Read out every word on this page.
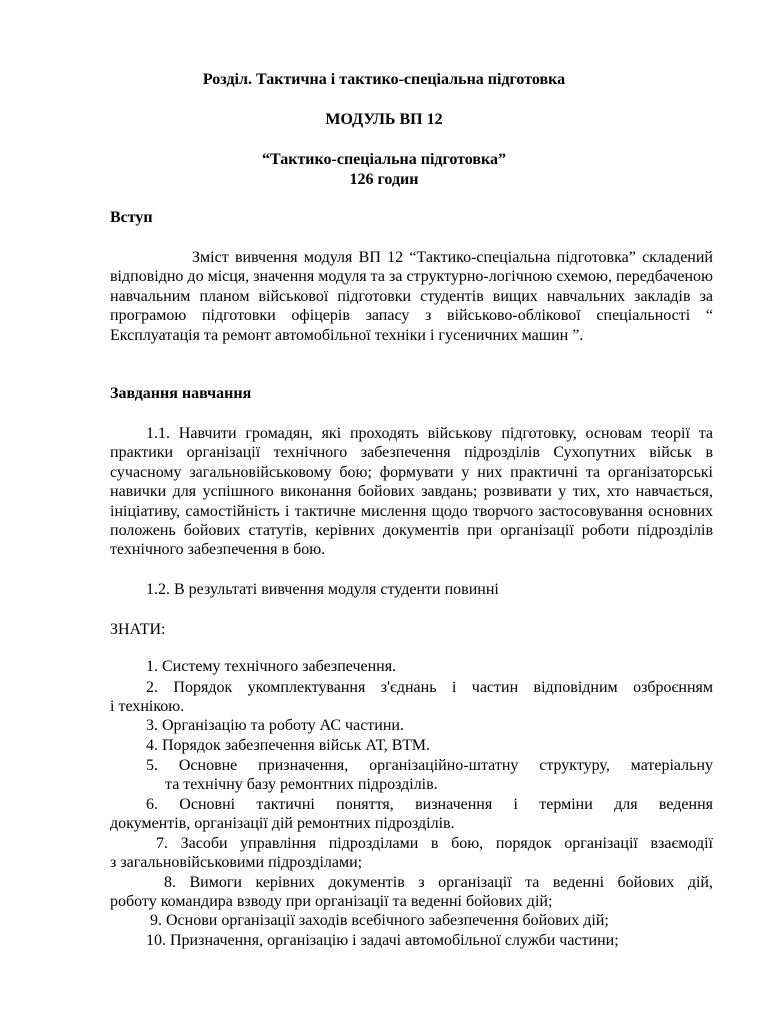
Розділ. Тактична і тактико-спеціальна підготовка
МОДУЛЬ ВП 12
“Тактико-спеціальна підготовка”
126 годин
Вступ
Зміст вивчення модуля ВП 12 “Тактико-спеціальна підготовка” складений відповідно до місця, значення модуля та за структурно-логічною схемою, передбаченою навчальним планом військової підготовки студентів вищих навчальних закладів за програмою підготовки офіцерів запасу з військово-облікової спеціальності “ Експлуатація та ремонт автомобільної техніки і гусеничних машин ”.
Завдання навчання
1.1. Навчити громадян, які проходять військову підготовку, основам теорії та практики організації технічного забезпечення підрозділів Сухопутних військ в сучасному загальновійськовому бою; формувати у них практичні та організаторські навички для успішного виконання бойових завдань; розвивати у тих, хто навчається, ініціативу, самостійність і тактичне мислення щодо творчого застосовування основних положень бойових статутів, керівних документів при організації роботи підрозділів технічного забезпечення в бою.
1.2. В результаті вивчення модуля студенти повинні
ЗНАТИ:
1. Систему технічного забезпечення.
2. Порядок укомплектування з'єднань і частин відповідним озброєнням
і технікою.
3. Організацію та роботу АС частини.
4. Порядок забезпечення військ АТ, ВТМ.
5. Основне призначення, організаційно-штатну структуру, матеріальну
та технічну базу ремонтних підрозділів.
6. Основні тактичні поняття, визначення і терміни для ведення
документів, організації дій ремонтних підрозділів.
7. Засоби управління підрозділами в бою, порядок організації взаємодії
з загальновійськовими підрозділами;
8. Вимоги керівних документів з організації та веденні бойових дій,
роботу командира взводу при організації та веденні бойових дій;
9. Основи організації заходів всебічного забезпечення бойових дій;
10. Призначення, організацію і задачі автомобільної служби частини;
